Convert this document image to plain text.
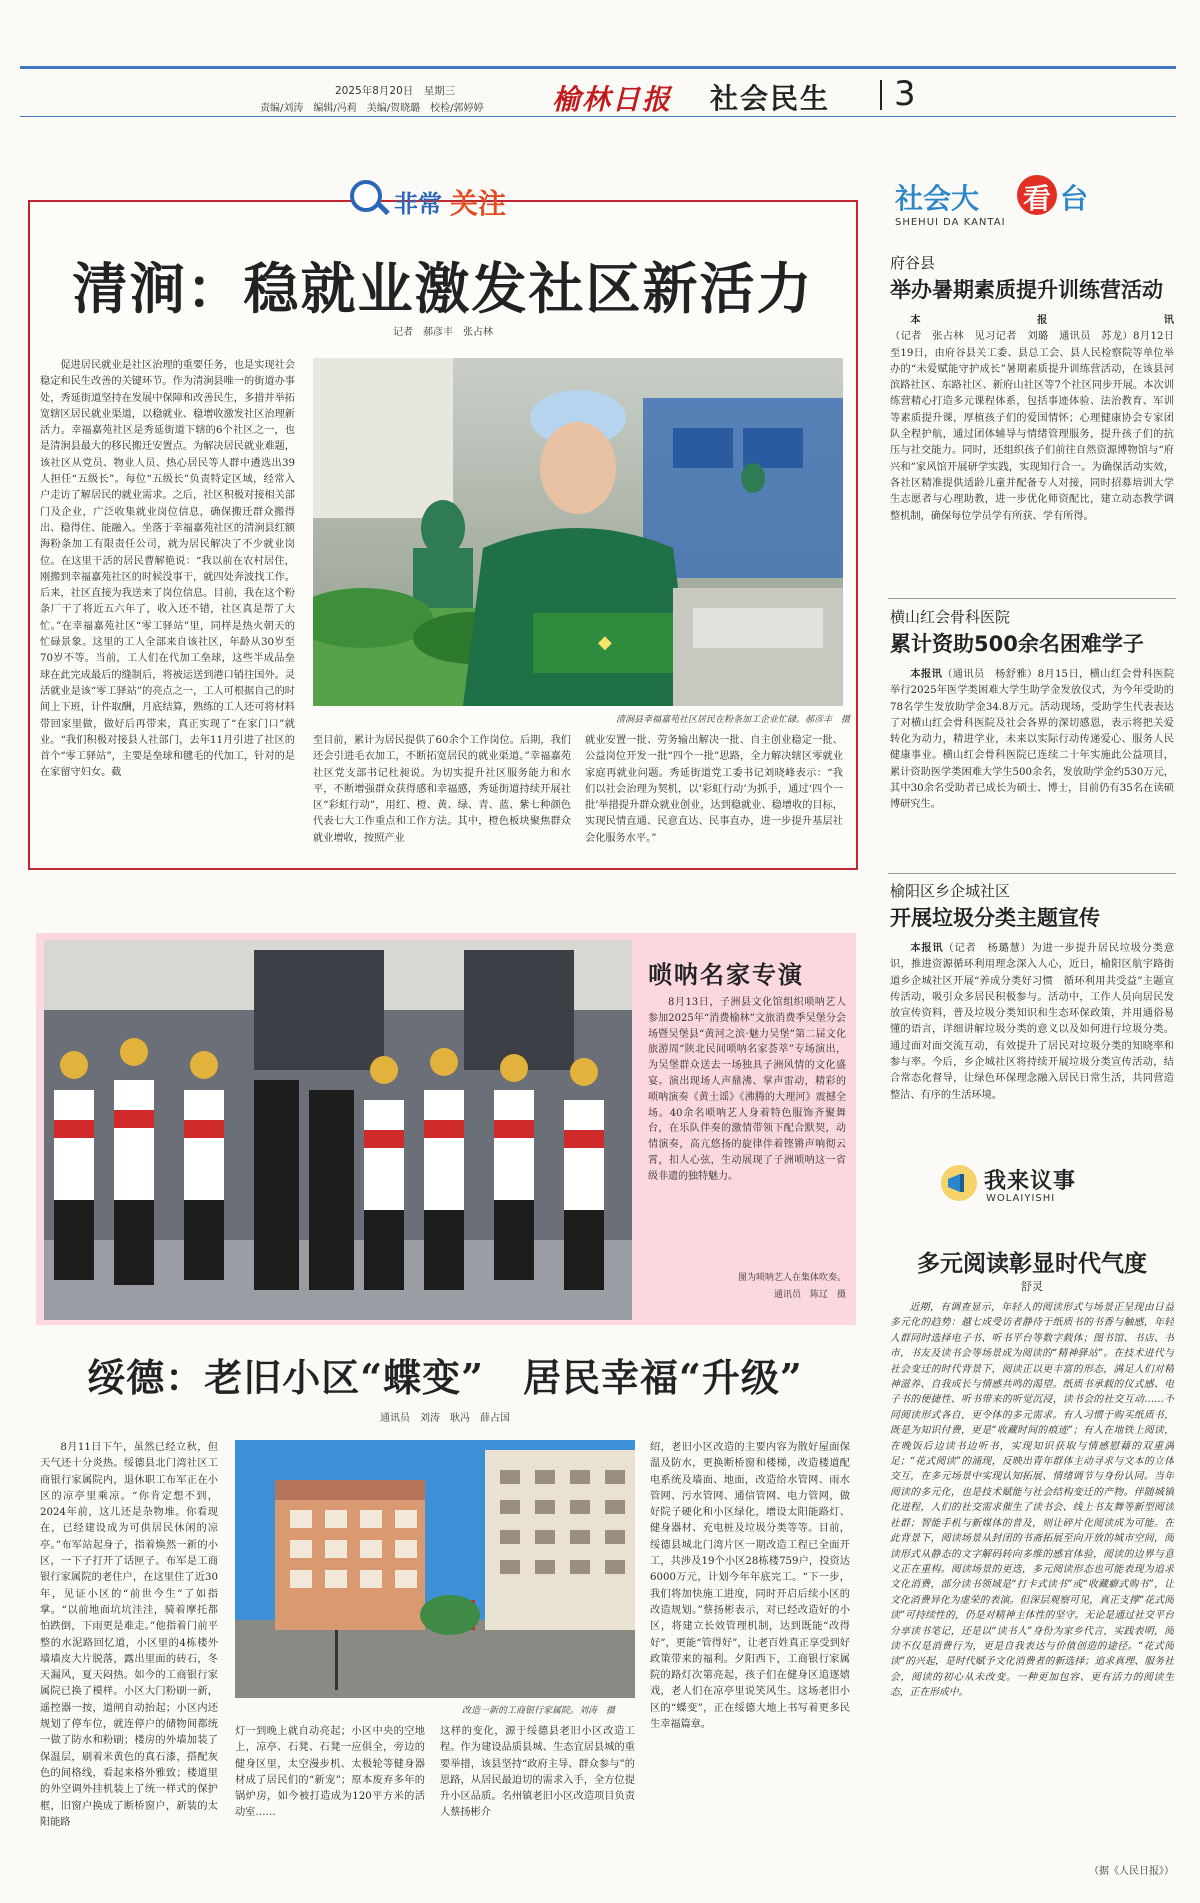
2025年8月20日　 星期三
责编/刘涛　编辑/冯莉　美编/贺晓璐　校检/郭婷婷 榆林日报 社会民生 3
非常 关注
清涧：稳就业激发社区新活力
记者　郝彦丰　张占林
促进居民就业是社区治理的重要任务，也是实现社会稳定和民生改善的关键环节。作为清涧县唯一的街道办事处，秀延街道坚持在发展中保障和改善民生，多措并举拓宽辖区居民就业渠道，以稳就业、稳增收激发社区治理新活力。幸福嘉苑社区是秀延街道下辖的6个社区之一，也是清涧县最大的移民搬迁安置点。为解决居民就业难题，该社区从党员、物业人员、热心居民等人群中遴选出39人担任“五级长”。每位“五级长”负责特定区域，经常入户走访了解居民的就业需求。之后，社区积极对接相关部门及企业，广泛收集就业岗位信息，确保搬迁群众搬得出、稳得住、能融入。坐落于幸福嘉苑社区的清涧县红额海粉条加工有限责任公司，就为居民解决了不少就业岗位。在这里干活的居民曹解艳说：“我以前在农村居住，刚搬到幸福嘉苑社区的时候没事干，就四处奔波找工作。后来，社区直接为我送来了岗位信息。目前，我在这个粉条厂干了将近五六年了，收入还不错，社区真是帮了大忙。”在幸福嘉苑社区“零工驿站”里，同样是热火朝天的忙碌景象。这里的工人全部来自该社区，年龄从30岁至70岁不等。当前，工人们在代加工垒球，这些半成品垒球在此完成最后的缝制后，将被运送到港口销往国外。灵活就业是该“零工驿站”的亮点之一，工人可根据自己的时间上下班，计件取酬，月底结算，熟练的工人还可将材料带回家里做，做好后再带来，真正实现了“在家门口”就业。“我们积极对接县人社部门，去年11月引进了社区的首个“零工驿站”，主要是垒球和毽毛的代加工，针对的是在家留守妇女。截
◆
清涧县幸福嘉苑社区居民在粉条加工企业忙碌。郝彦丰　摄
至目前，累计为居民提供了60余个工作岗位。后期，我们还会引进毛衣加工，不断拓宽居民的就业渠道。”幸福嘉苑社区党支部书记杜昶说。为切实提升社区服务能力和水平，不断增强群众获得感和幸福感，秀延街道持续开展社区“彩虹行动”，用红、橙、黄、绿、青、蓝、紫七种颜色代表七大工作重点和工作方法。其中，橙色板块聚焦群众就业增收，按照产业
就业安置一批、劳务输出解决一批、自主创业稳定一批、公益岗位开发一批“四个一批”思路，全力解决辖区零就业家庭再就业问题。秀延街道党工委书记刘晓峰表示：“我们以社会治理为契机，以‘彩虹行动’为抓手，通过‘四个一批’举措提升群众就业创业，达到稳就业、稳增收的目标，实现民情直通、民意直达、民事直办，进一步提升基层社会化服务水平。”
唢呐名家专演
8月13日，子洲县文化馆组织唢呐艺人参加2025年“消费榆林”文旅消费季吴堡分会场暨吴堡县“黄河之滨·魅力吴堡”第二届文化旅游周“陕北民间唢呐名家荟萃”专场演出，为吴堡群众送去一场独具子洲风情的文化盛宴。演出现场人声鼎沸、掌声雷动，精彩的唢呐演奏《黄土谣》《沸腾的大理河》震撼全场。40余名唢呐艺人身着特色服饰齐聚舞台，在乐队伴奏的激情带领下配合默契，动情演奏，高亢悠扬的旋律伴着铿锵声响彻云霄，扣人心弦，生动展现了子洲唢呐这一省级非遗的独特魅力。
图为唢呐艺人在集体吹奏。
通讯员　陈辽　摄
绥德：老旧小区“蝶变”　居民幸福“升级”
通讯员　刘涛　耿冯　薛占国
8月11日下午，虽然已经立秋，但天气还十分炎热。绥德县北门湾社区工商银行家属院内，退休职工布军正在小区的凉亭里乘凉。“你肯定想不到，2024年前，这儿还是杂物堆。你看现在，已经建设成为可供居民休闲的凉亭。”布军站起身子，指着焕然一新的小区，一下子打开了话匣子。布军是工商银行家属院的老住户，在这里住了近30年，见证小区的“前世今生”了如指掌。“以前地面坑坑洼洼，骑着摩托都怕跌倒，下雨更是难走。”他指着门前平整的水泥路回忆道，小区里的4栋楼外墙墙皮大片脱落，露出里面的砖石，冬天漏风，夏天闷热。如今的工商银行家属院已换了模样。小区大门粉刷一新，遥控器一按，道闸自动抬起；小区内还规划了停车位，就连停户的储物间都统一做了防水和粉刷；楼房的外墙加装了保温层，刷着米黄色的真石漆，搭配灰色的间格线，看起来格外雅致；楼道里的外空调外挂机装上了统一样式的保护框，旧窗户换成了断桥窗户，新装的太阳能路
改造一新的工商银行家属院。刘涛　摄
灯一到晚上就自动亮起；小区中央的空地上，凉亭、石凳、石凳一应俱全，旁边的健身区里，太空漫步机、太极轮等健身器材成了居民们的“新宠”；原本废弃多年的锅炉房，如今被打造成为120平方米的活动室……
这样的变化，源于绥德县老旧小区改造工程。作为建设品质县城、生态宜居县城的重要举措，该县坚持“政府主导、群众参与”的思路，从居民最迫切的需求入手，全方位提升小区品质。名州镇老旧小区改造项目负责人蔡扬彬介
绍，老旧小区改造的主要内容为散好屋面保温及防水，更换断桥窗和楼梯，改造楼道配电系统及墙面、地面，改造给水管网、雨水管网、污水管网、通信管网、电力管网，做好院子硬化和小区绿化，增设太阳能路灯、健身器材、充电桩及垃圾分类等等。目前，绥德县城北门湾片区一期改造工程已全面开工，共涉及19个小区28栋楼759户，投资达6000万元，计划今年年底完工。“下一步，我们将加快施工进度，同时开启后续小区的改造规划。”蔡扬彬表示，对已经改造好的小区，将建立长效管理机制，达到既能“改得好”，更能“管得好”，让老百姓真正享受到好政策带来的福利。夕阳西下，工商银行家属院的路灯次第亮起，孩子们在健身区追逐嬉戏，老人们在凉亭里说笑风生。这场老旧小区的“蝶变”，正在绥德大地上书写着更多民生幸福篇章。
社会大 看 台
SHEHUI DA KANTAI
府谷县
举办暑期素质提升训练营活动

本报讯（记者　张占林　见习记者　刘璐　通讯员　苏龙）8月12日至19日，由府谷县关工委、县总工会、县人民检察院等单位举办的“未爱赋能守护成长”暑期素质提升训练营活动，在该县河滨路社区、东路社区、新府山社区等7个社区同步开展。本次训练营精心打造多元课程体系，包括事迹体验、法治教育、军训等素质提升课，厚植孩子们的爱国情怀；心理健康协会专家团队全程护航，通过团体辅导与情绪管理服务，提升孩子们的抗压与社交能力。同时，还组织孩子们前往自然资源博物馆与“府兴和”家风馆开展研学实践，实现知行合一。为确保活动实效，各社区精准提供适龄儿童并配备专人对接，同时招募培训大学生志愿者与心理助教，进一步优化师资配比，建立动态教学调整机制，确保每位学员学有所获、学有所得。

横山红会骨科医院
累计资助500余名困难学子

本报讯（通讯员　杨舒雅）8月15日，横山红会骨科医院举行2025年医学类困难大学生助学金发放仪式，为今年受助的78名学生发放助学金34.8万元。活动现场，受助学生代表表达了对横山红会骨科医院及社会各界的深切感恩，表示将把关爱转化为动力，精进学业，未来以实际行动传递爱心、服务人民健康事业。横山红会骨科医院已连续二十年实施此公益项目，累计资助医学类困难大学生500余名，发放助学金约530万元，其中30余名受助者已成长为硕士、博士，目前仍有35名在读硕博研究生。

榆阳区乡企城社区
开展垃圾分类主题宣传

本报讯（记者　杨璐慧）为进一步提升居民垃圾分类意识，推进资源循环利用理念深入人心，近日，榆阳区航宇路街道乡企城社区开展“养成分类好习惯　循环利用共受益”主题宣传活动，吸引众多居民积极参与。活动中，工作人员向居民发放宣传资料，普及垃圾分类知识和生态环保政策，并用通俗易懂的语言，详细讲解垃圾分类的意义以及如何进行垃圾分类。通过面对面交流互动，有效提升了居民对垃圾分类的知晓率和参与率。今后，乡企城社区将持续开展垃圾分类宣传活动，结合常态化督导，让绿色环保理念融入居民日常生活，共同营造整洁、有序的生活环境。

我来议事
WOLAIYISHI
多元阅读彰显时代气度
舒灵
近期，有调查显示，年轻人的阅读形式与场景正呈现由日益多元化的趋势：越七成受访者静待于纸质书的书香与触感，年轻人群同时选择电子书、听书平台等数字载体；图书馆、书店、书市，书友及读书会等场景成为阅读的“精神驿站”。在技术进代与社会变迁的时代背景下，阅读正以更丰富的形态，满足人们对精神滋养、自我成长与情感共鸣的渴望。纸质书承载的仪式感、电子书的便捷性、听书带来的听觉沉浸，读书会的社交互动……不同阅读形式各自，更令体的多元需求。有人习惯于购买纸质书，既是为知识付费，更是“收藏时间的痕迹”；有人在地铁上阅读，在晚饭后边读书边听书，实现知识获取与情感慰藉的双重满足；“花式阅读”的涌现，反映出青年群体主动寻求与文本的立体交互，在多元场景中实现认知拓展、情绪调节与身份认同。当年阅读的多元化，也是技术赋能与社会结构变迁的产物。伴随城镇化进程，人们的社交需求催生了读书会、线上书友舞等新型阅读社群；智能手机与新媒体的普及，则让碎片化阅读成为可能。在此背景下，阅读场景从封闭的书斋拓展至向开放的城市空间，阅读形式从静态的文字解码转向多维的感官体验，阅读的边界与意义正在重构。阅读场景的更迭，多元阅读形态也可能表现为追求文化消费，部分读书领域是“打卡式读书”或“收藏癖式购书”，让文化消费异化为虚荣的表演。但深层观察可见，真正支撑“花式阅读”可持续性的，仍是对精神主体性的坚守。无论是通过社交平台分享读书笔记，还是以“读书人”身份为家乡代言，实践表明，阅读不仅是消费行为，更是自我表达与价值创造的途径。“花式阅读”的兴起，是时代赋予文化消费者的新选择；追求真理、服务社会，阅读的初心从未改变。一种更加包容、更有活力的阅读生态，正在形成中。
（据《人民日报》）
